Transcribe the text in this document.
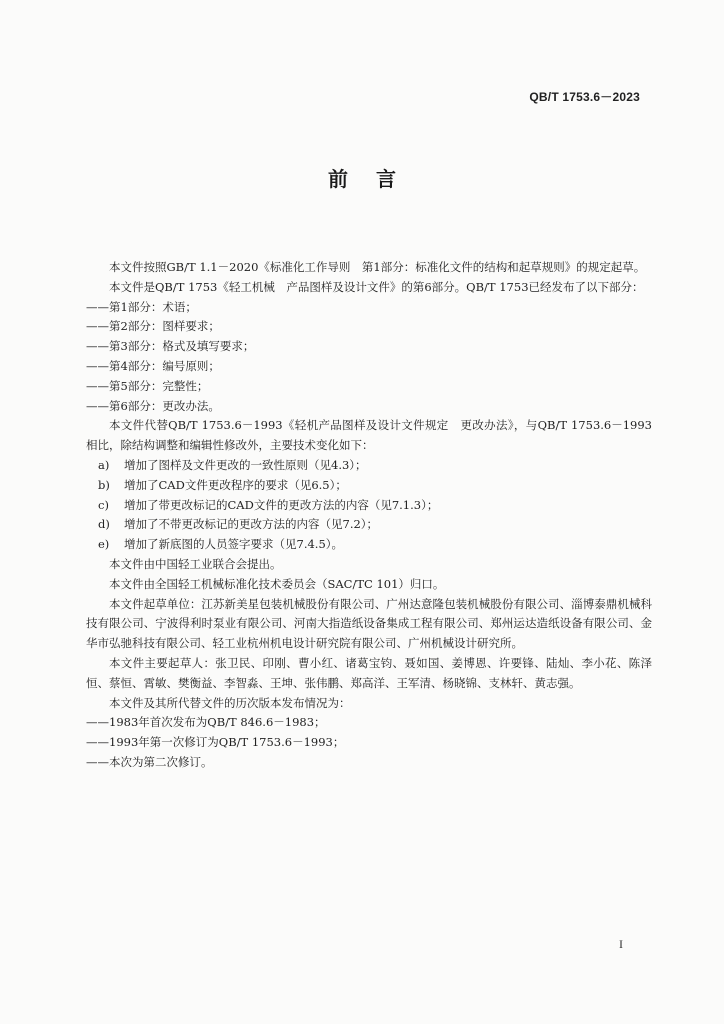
QB/T 1753.6－2023
前言

本文件按照GB/T 1.1－2020《标准化工作导则　第1部分：标准化文件的结构和起草规则》的规定起草。

本文件是QB/T 1753《轻工机械　产品图样及设计文件》的第6部分。QB/T 1753已经发布了以下部分：

——第1部分：术语；

——第2部分：图样要求；

——第3部分：格式及填写要求；

——第4部分：编号原则；

——第5部分：完整性；

——第6部分：更改办法。

本文件代替QB/T 1753.6－1993《轻机产品图样及设计文件规定　更改办法》，与QB/T 1753.6－1993相比，除结构调整和编辑性修改外，主要技术变化如下：

a) 增加了图样及文件更改的一致性原则（见4.3）；

b) 增加了CAD文件更改程序的要求（见6.5）；

c) 增加了带更改标记的CAD文件的更改方法的内容（见7.1.3）；

d) 增加了不带更改标记的更改方法的内容（见7.2）；

e) 增加了新底图的人员签字要求（见7.4.5）。

本文件由中国轻工业联合会提出。

本文件由全国轻工机械标准化技术委员会（SAC/TC 101）归口。

本文件起草单位：江苏新美星包装机械股份有限公司、广州达意隆包装机械股份有限公司、淄博泰鼎机械科技有限公司、宁波得利时泵业有限公司、河南大指造纸设备集成工程有限公司、郑州运达造纸设备有限公司、金华市弘驰科技有限公司、轻工业杭州机电设计研究院有限公司、广州机械设计研究所。

本文件主要起草人：张卫民、印刚、曹小红、诸葛宝钧、聂如国、姜博恩、许要锋、陆灿、李小花、陈泽恒、蔡恒、霄敏、樊衡益、李智淼、王坤、张伟鹏、郑高洋、王军清、杨晓锦、支林轩、黄志强。

本文件及其所代替文件的历次版本发布情况为：

——1983年首次发布为QB/T 846.6－1983；

——1993年第一次修订为QB/T 1753.6－1993；

——本次为第二次修订。

I
